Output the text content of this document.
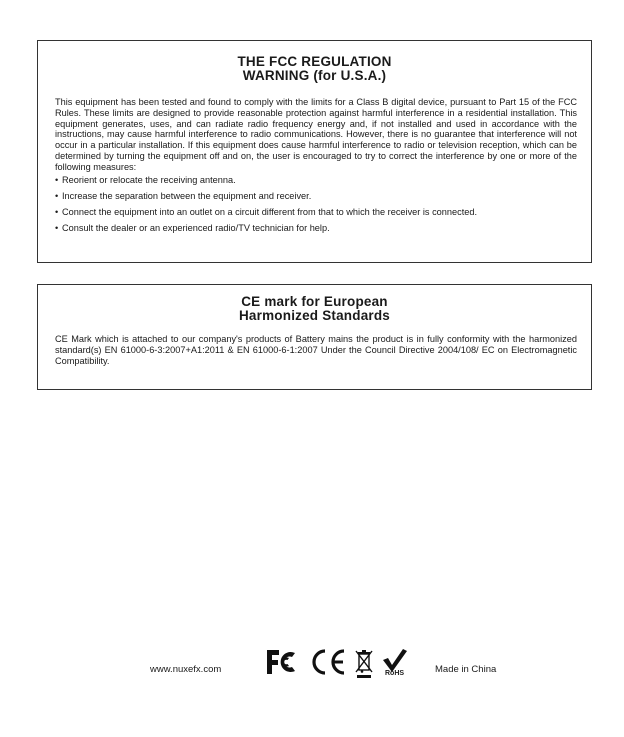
THE FCC REGULATION
WARNING (for U.S.A.)

This equipment has been tested and found to comply with the limits for a Class B digital device, pursuant to Part 15 of the FCC Rules. These limits are designed to provide reasonable protection against harmful interference in a residential installation. This equipment generates, uses, and can radiate radio frequency energy and, if not installed and used in accordance with the instructions, may cause harmful interference to radio communications. However, there is no guarantee that interference will not occur in a particular installation. If this equipment does cause harmful interference to radio or television reception, which can be determined by turning the equipment off and on, the user is encouraged to try to correct the interference by one or more of the following measures:

• Reorient or relocate the receiving antenna.
• Increase the separation between the equipment and receiver.
• Connect the equipment into an outlet on a circuit different from that to which the receiver is connected.
• Consult the dealer or an experienced radio/TV technician for help.

CE mark for European
Harmonized Standards

CE Mark which is attached to our company's products of Battery mains the product is in fully conformity with the harmonized standard(s) EN 61000-6-3:2007+A1:2011 & EN 61000-6-1:2007 Under the Council Directive 2004/108/ EC on Electromagnetic Compatibility.

www.nuxefx.com	RoHS	Made in China
